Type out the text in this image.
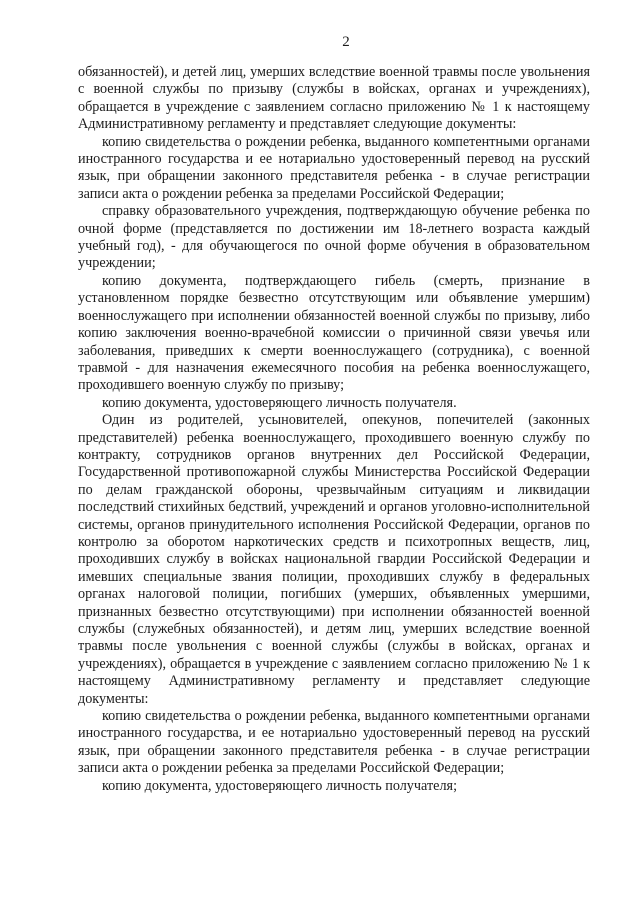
2

обязанностей), и детей лиц, умерших вследствие военной травмы после увольнения с военной службы по призыву (службы в войсках, органах и учреждениях), обращается в учреждение с заявлением согласно приложению № 1 к настоящему Административному регламенту и представляет следующие документы:

копию свидетельства о рождении ребенка, выданного компетентными органами иностранного государства и ее нотариально удостоверенный перевод на русский язык, при обращении законного представителя ребенка - в случае регистрации записи акта о рождении ребенка за пределами Российской Федерации;

справку образовательного учреждения, подтверждающую обучение ребенка по очной форме (представляется по достижении им 18-летнего возраста каждый учебный год), - для обучающегося по очной форме обучения в образовательном учреждении;

копию документа, подтверждающего гибель (смерть, признание в установленном порядке безвестно отсутствующим или объявление умершим) военнослужащего при исполнении обязанностей военной службы по призыву, либо копию заключения военно-врачебной комиссии о причинной связи увечья или заболевания, приведших к смерти военнослужащего (сотрудника), с военной травмой - для назначения ежемесячного пособия на ребенка военнослужащего, проходившего военную службу по призыву;

копию документа, удостоверяющего личность получателя.

Один из родителей, усыновителей, опекунов, попечителей (законных представителей) ребенка военнослужащего, проходившего военную службу по контракту, сотрудников органов внутренних дел Российской Федерации, Государственной противопожарной службы Министерства Российской Федерации по делам гражданской обороны, чрезвычайным ситуациям и ликвидации последствий стихийных бедствий, учреждений и органов уголовно-исполнительной системы, органов принудительного исполнения Российской Федерации, органов по контролю за оборотом наркотических средств и психотропных веществ, лиц, проходивших службу в войсках национальной гвардии Российской Федерации и имевших специальные звания полиции, проходивших службу в федеральных органах налоговой полиции, погибших (умерших, объявленных умершими, признанных безвестно отсутствующими) при исполнении обязанностей военной службы (служебных обязанностей), и детям лиц, умерших вследствие военной травмы после увольнения с военной службы (службы в войсках, органах и учреждениях), обращается в учреждение с заявлением согласно приложению № 1 к настоящему Административному регламенту и представляет следующие документы:

копию свидетельства о рождении ребенка, выданного компетентными органами иностранного государства, и ее нотариально удостоверенный перевод на русский язык, при обращении законного представителя ребенка - в случае регистрации записи акта о рождении ребенка за пределами Российской Федерации;

копию документа, удостоверяющего личность получателя;
